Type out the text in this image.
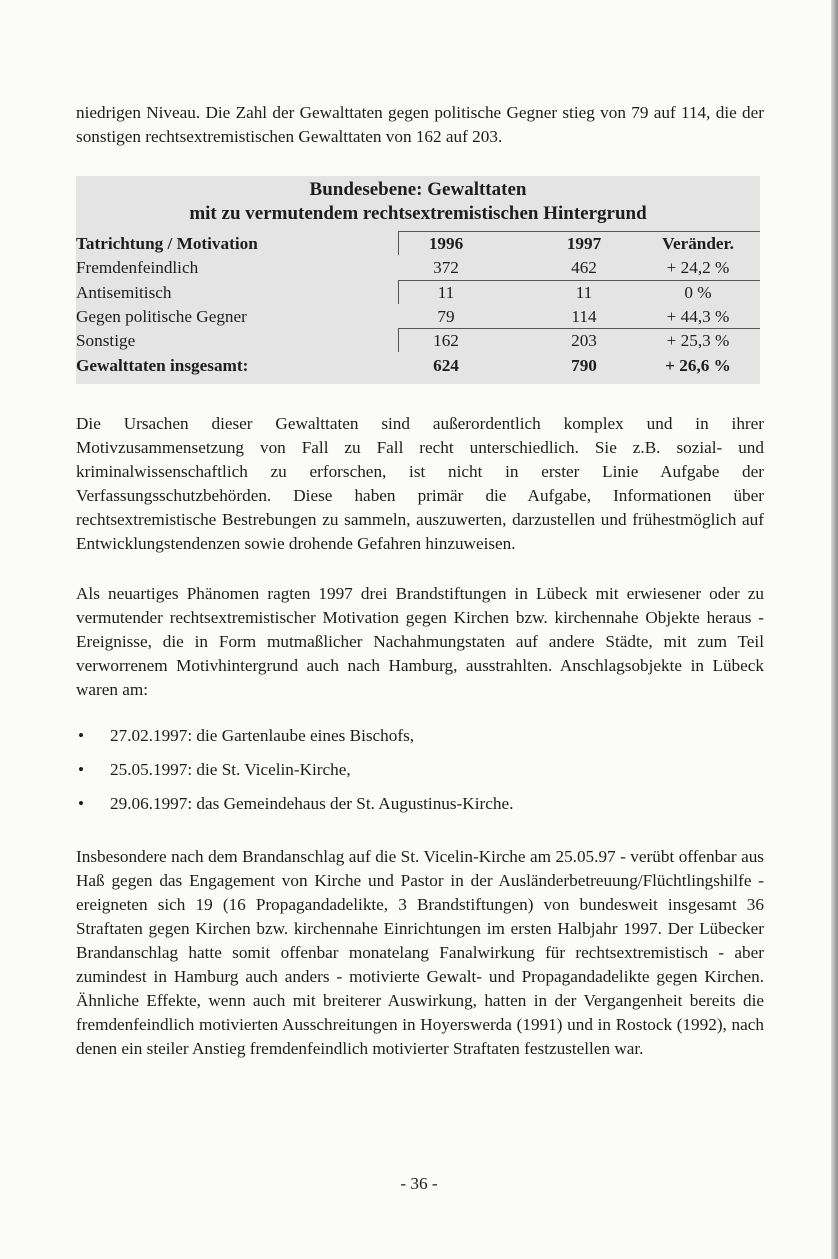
niedrigen Niveau. Die Zahl der Gewalttaten gegen politische Gegner stieg von 79 auf 114, die der sonstigen rechtsextremistischen Gewalttaten von 162 auf 203.

Bundesebene: Gewalttaten

mit zu vermutendem rechtsextremistischen Hintergrund

Tatrichtung / Motivation	1996	1997	Veränder.
Fremdenfeindlich	372	462	+ 24,2 %
Antisemitisch	11	11	0 %
Gegen politische Gegner	79	114	+ 44,3 %
Sonstige	162	203	+ 25,3 %
Gewalttaten insgesamt:	624	790	+ 26,6 %

Die Ursachen dieser Gewalttaten sind außerordentlich komplex und in ihrer Motivzusammensetzung von Fall zu Fall recht unterschiedlich. Sie z.B. sozial- und kriminalwissenschaftlich zu erforschen, ist nicht in erster Linie Aufgabe der Verfassungsschutzbehörden. Diese haben primär die Aufgabe, Informationen über rechtsextremistische Bestrebungen zu sammeln, auszuwerten, darzustellen und frühestmöglich auf Entwicklungstendenzen sowie drohende Gefahren hinzuweisen.

Als neuartiges Phänomen ragten 1997 drei Brandstiftungen in Lübeck mit erwiesener oder zu vermutender rechtsextremistischer Motivation gegen Kirchen bzw. kirchennahe Objekte heraus - Ereignisse, die in Form mutmaßlicher Nachahmungstaten auf andere Städte, mit zum Teil verworrenem Motivhintergrund auch nach Hamburg, ausstrahlten. Anschlagsobjekte in Lübeck waren am:

• 27.02.1997: die Gartenlaube eines Bischofs,
• 25.05.1997: die St. Vicelin-Kirche,
• 29.06.1997: das Gemeindehaus der St. Augustinus-Kirche.

Insbesondere nach dem Brandanschlag auf die St. Vicelin-Kirche am 25.05.97 - verübt offenbar aus Haß gegen das Engagement von Kirche und Pastor in der Ausländerbetreuung/Flüchtlingshilfe - ereigneten sich 19 (16 Propagandadelikte, 3 Brandstiftungen) von bundesweit insgesamt 36 Straftaten gegen Kirchen bzw. kirchennahe Einrichtungen im ersten Halbjahr 1997. Der Lübecker Brandanschlag hatte somit offenbar monatelang Fanalwirkung für rechtsextremistisch - aber zumindest in Hamburg auch anders - motivierte Gewalt- und Propagandadelikte gegen Kirchen. Ähnliche Effekte, wenn auch mit breiterer Auswirkung, hatten in der Vergangenheit bereits die fremdenfeindlich motivierten Ausschreitungen in Hoyerswerda (1991) und in Rostock (1992), nach denen ein steiler Anstieg fremdenfeindlich motivierter Straftaten festzustellen war.

- 36 -
